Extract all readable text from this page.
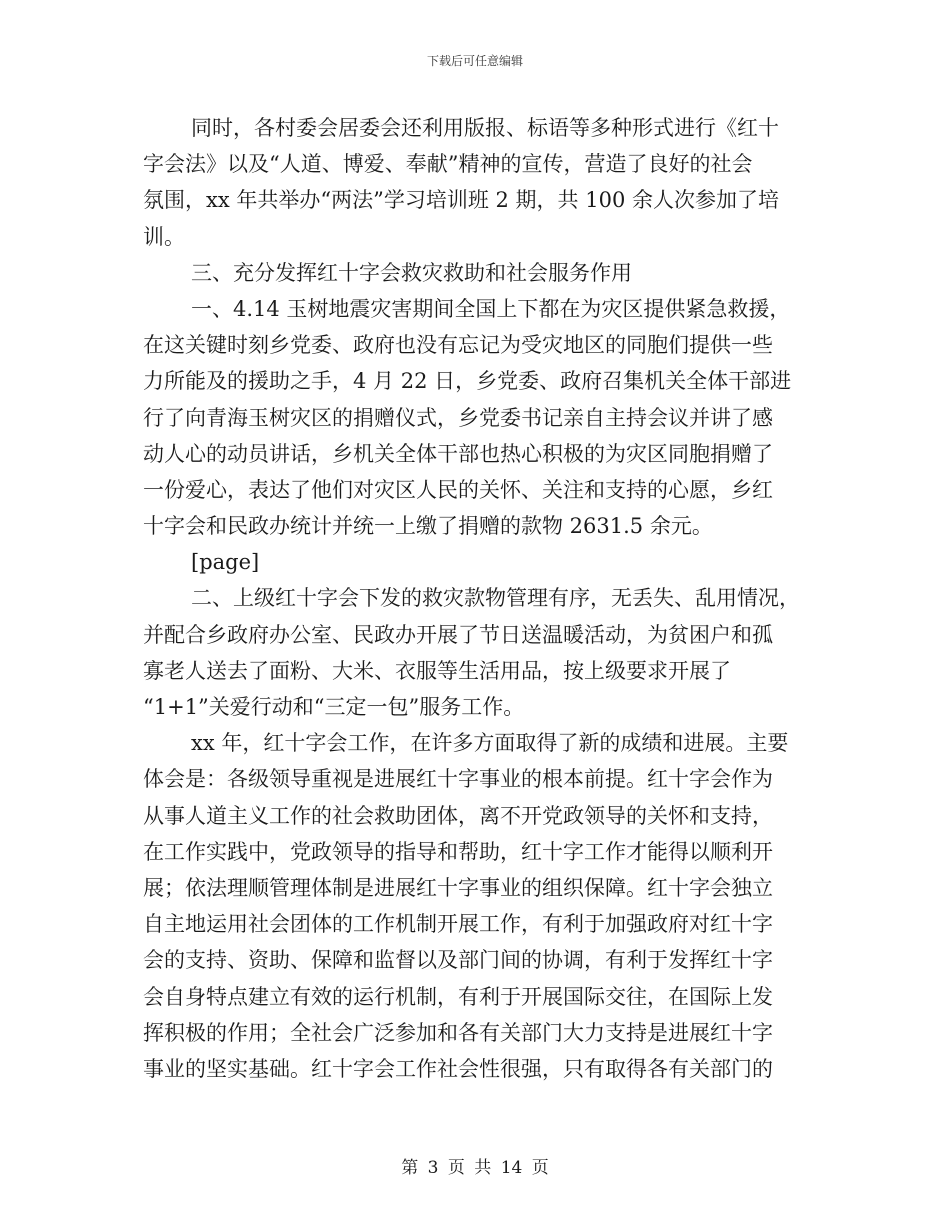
下载后可任意编辑
同时，各村委会居委会还利用版报、标语等多种形式进行《红十
字会法》以及“人道、博爱、奉献”精神的宣传，营造了良好的社会
氛围，xx 年共举办“两法”学习培训班 2 期，共 100 余人次参加了培
训。
三、充分发挥红十字会救灾救助和社会服务作用
一、4.14 玉树地震灾害期间全国上下都在为灾区提供紧急救援，
在这关键时刻乡党委、政府也没有忘记为受灾地区的同胞们提供一些
力所能及的援助之手，4 月 22 日，乡党委、政府召集机关全体干部进
行了向青海玉树灾区的捐赠仪式，乡党委书记亲自主持会议并讲了感
动人心的动员讲话，乡机关全体干部也热心积极的为灾区同胞捐赠了
一份爱心，表达了他们对灾区人民的关怀、关注和支持的心愿，乡红
十字会和民政办统计并统一上缴了捐赠的款物 2631.5 余元。
[page]
二、上级红十字会下发的救灾款物管理有序，无丢失、乱用情况，
并配合乡政府办公室、民政办开展了节日送温暖活动，为贫困户和孤
寡老人送去了面粉、大米、衣服等生活用品，按上级要求开展了
“1+1”关爱行动和“三定一包”服务工作。
xx 年，红十字会工作，在许多方面取得了新的成绩和进展。主要
体会是：各级领导重视是进展红十字事业的根本前提。红十字会作为
从事人道主义工作的社会救助团体，离不开党政领导的关怀和支持，
在工作实践中，党政领导的指导和帮助，红十字工作才能得以顺利开
展；依法理顺管理体制是进展红十字事业的组织保障。红十字会独立
自主地运用社会团体的工作机制开展工作，有利于加强政府对红十字
会的支持、资助、保障和监督以及部门间的协调，有利于发挥红十字
会自身特点建立有效的运行机制，有利于开展国际交往，在国际上发
挥积极的作用；全社会广泛参加和各有关部门大力支持是进展红十字
事业的坚实基础。红十字会工作社会性很强，只有取得各有关部门的
第 3 页 共 14 页
